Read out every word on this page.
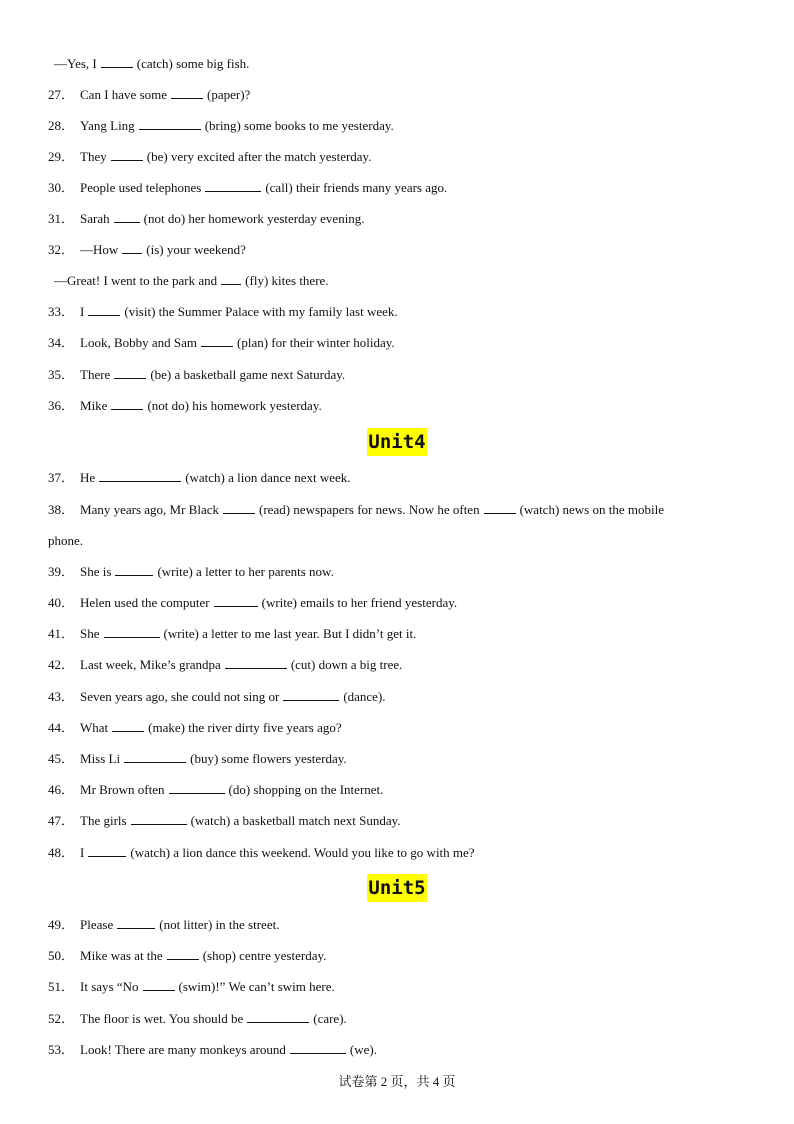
—Yes, I	(catch) some big fish.
27． Can I have some	(paper)?
28． Yang Ling	(bring) some books to me yesterday.
29． They	(be) very excited after the match yesterday.
30． People used telephones	(call) their friends many years ago.
31． Sarah	(not do) her homework yesterday evening.
32． —How (is) your weekend?
—Great! I went to the park and (fly) kites there.
33． I	(visit) the Summer Palace with my family last week.
34． Look, Bobby and Sam	(plan) for their winter holiday.
35． There	(be) a basketball game next Saturday.
36． Mike	(not do) his homework yesterday.
Unit4
37． He	(watch) a lion dance next week.
38． Many years ago, Mr Black	(read) newspapers for news. Now he often	(watch) news on the mobile
phone.
39． She is	(write) a letter to her parents now.
40． Helen used the computer	(write) emails to her friend yesterday.
41． She	(write) a letter to me last year. But I didn’t get it.
42． Last week, Mike’s grandpa	(cut) down a big tree.
43． Seven years ago, she could not sing or	(dance).
44． What	(make) the river dirty five years ago?
45． Miss Li	(buy) some flowers yesterday.
46． Mr Brown often	(do) shopping on the Internet.
47． The girls	(watch) a basketball match next Sunday.
48． I	(watch) a lion dance this weekend. Would you like to go with me?
Unit5
49． Please	(not litter) in the street.
50． Mike was at the	(shop) centre yesterday.
51． It says “No	(swim)!” We can’t swim here.
52． The floor is wet. You should be	(care).
53． Look! There are many monkeys around	(we).
试卷第 2 页，共 4 页
